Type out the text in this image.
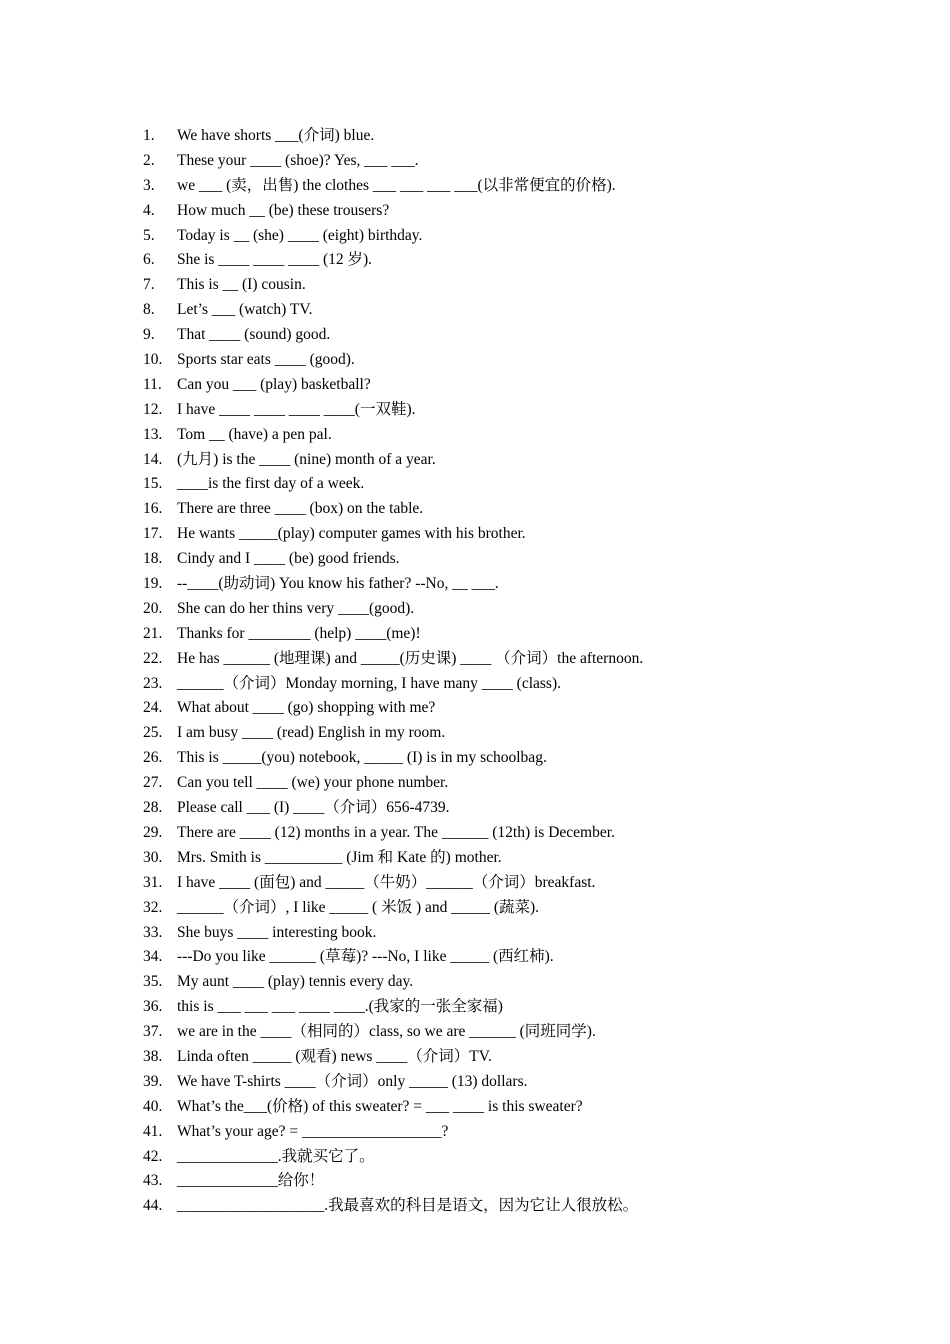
1.	We have shorts ___(介词) blue.
2.	These your ____ (shoe)? Yes, ___ ___.
3.	we ___ (卖，出售) the clothes ___ ___ ___ ___(以非常便宜的价格).
4.	How much __ (be) these trousers?
5.	Today is __ (she) ____ (eight) birthday.
6.	She is ____ ____ ____ (12 岁).
7.	This is __ (I) cousin.
8.	Let’s ___ (watch) TV.
9.	That ____ (sound) good.
10. Sports star eats ____ (good).
11. Can you ___ (play) basketball?
12. I have ____ ____ ____ ____(一双鞋).
13. Tom __ (have) a pen pal.
14. (九月) is the ____ (nine) month of a year.
15. ____is the first day of a week.
16. There are three ____ (box) on the table.
17. He wants _____(play) computer games with his brother.
18. Cindy and I ____ (be) good friends.
19. --____(助动词) You know his father? --No, __ ___.
20. She can do her thins very ____(good).
21. Thanks for ________ (help) ____(me)!
22. He has ______ (地理课) and _____(历史课) ____ （介词）the afternoon.
23. ______（介词）Monday morning, I have many ____ (class).
24. What about ____ (go) shopping with me?
25. I am busy ____ (read) English in my room.
26. This is _____(you) notebook, _____ (I) is in my schoolbag.
27. Can you tell ____ (we) your phone number.
28. Please call ___ (I) ____（介词）656-4739.
29. There are ____ (12) months in a year. The ______ (12th) is December.
30. Mrs. Smith is __________ (Jim 和 Kate 的) mother.
31. I have ____ (面包) and _____（牛奶）______（介词）breakfast.
32. ______（介词）, I like _____ ( 米饭 ) and _____ (蔬菜).
33. She buys ____ interesting book.
34. ---Do you like ______ (草莓)? ---No, I like _____ (西红柿).
35. My aunt ____ (play) tennis every day.
36. this is ___ ___ ___ ____ ____.(我家的一张全家福)
37. we are in the ____（相同的）class, so we are ______ (同班同学).
38. Linda often _____ (观看) news ____（介词）TV.
39. We have T-shirts ____（介词）only _____ (13) dollars.
40. What’s the___(价格) of this sweater? = ___ ____ is this sweater?
41. What’s your age? = __________________?
42. _____________.我就买它了。
43. _____________给你！
44. ___________________.我最喜欢的科目是语文，因为它让人很放松。
